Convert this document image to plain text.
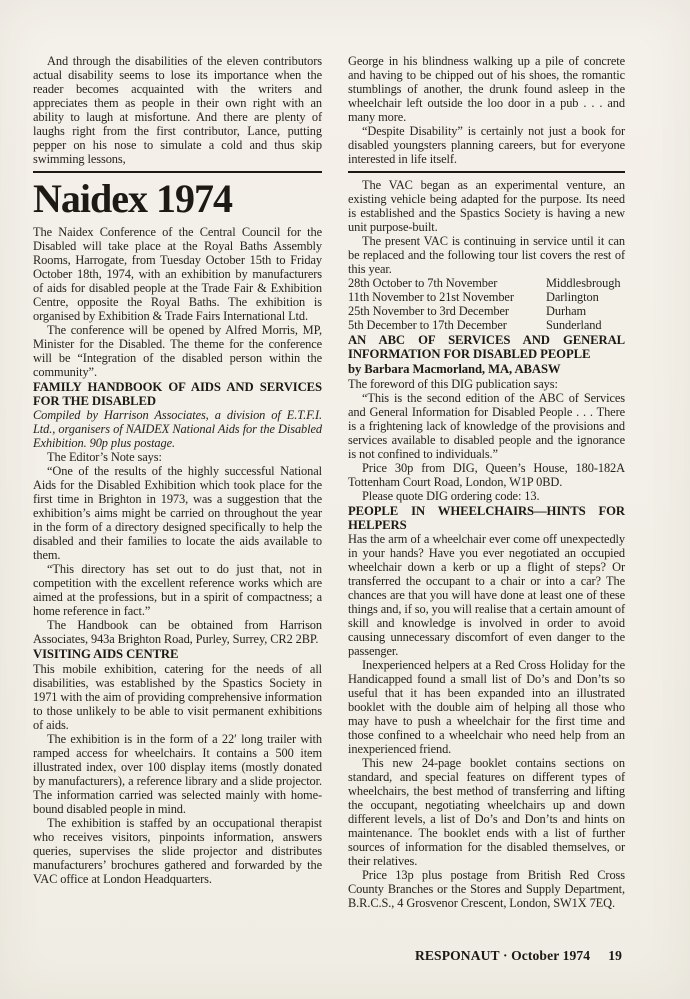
And through the disabilities of the eleven contributors actual disability seems to lose its importance when the reader becomes acquainted with the writers and appreciates them as people in their own right with an ability to laugh at misfortune. And there are plenty of laughs right from the first contributor, Lance, putting pepper on his nose to simulate a cold and thus skip swimming lessons,

Naidex 1974

The Naidex Conference of the Central Council for the Disabled will take place at the Royal Baths Assembly Rooms, Harrogate, from Tuesday October 15th to Friday October 18th, 1974, with an exhibition by manufacturers of aids for disabled people at the Trade Fair & Exhibition Centre, opposite the Royal Baths. The exhibition is organised by Exhibition & Trade Fairs International Ltd.

The conference will be opened by Alfred Morris, MP, Minister for the Disabled. The theme for the conference will be “Integration of the disabled person within the community”.

FAMILY HANDBOOK OF AIDS AND SERVICES FOR THE DISABLED

Compiled by Harrison Associates, a division of E.T.F.I. Ltd., organisers of NAIDEX National Aids for the Disabled Exhibition. 90p plus postage.

The Editor’s Note says:

“One of the results of the highly successful National Aids for the Disabled Exhibition which took place for the first time in Brighton in 1973, was a suggestion that the exhibition’s aims might be carried on throughout the year in the form of a directory designed specifically to help the disabled and their families to locate the aids available to them.

“This directory has set out to do just that, not in competition with the excellent reference works which are aimed at the professions, but in a spirit of compactness; a home reference in fact.”

The Handbook can be obtained from Harrison Associates, 943a Brighton Road, Purley, Surrey, CR2 2BP.

VISITING AIDS CENTRE

This mobile exhibition, catering for the needs of all disabilities, was established by the Spastics Society in 1971 with the aim of providing comprehensive information to those unlikely to be able to visit permanent exhibitions of aids.

The exhibition is in the form of a 22′ long trailer with ramped access for wheelchairs. It contains a 500 item illustrated index, over 100 display items (mostly donated by manufacturers), a reference library and a slide projector. The information carried was selected mainly with home-bound disabled people in mind.

The exhibition is staffed by an occupational therapist who receives visitors, pinpoints information, answers queries, supervises the slide projector and distributes manufacturers’ brochures gathered and forwarded by the VAC office at London Headquarters.

George in his blindness walking up a pile of concrete and having to be chipped out of his shoes, the romantic stumblings of another, the drunk found asleep in the wheelchair left outside the loo door in a pub . . . and many more.

“Despite Disability” is certainly not just a book for disabled youngsters planning careers, but for everyone interested in life itself.

The VAC began as an experimental venture, an existing vehicle being adapted for the purpose. Its need is established and the Spastics Society is having a new unit purpose-built.

The present VAC is continuing in service until it can be replaced and the following tour list covers the rest of this year.

28th October to 7th November	Middlesbrough
11th November to 21st November	Darlington
25th November to 3rd December	Durham
5th December to 17th December	Sunderland
AN ABC OF SERVICES AND GENERAL INFORMATION FOR DISABLED PEOPLE
by Barbara Macmorland, MA, ABASW

The foreword of this DIG publication says:

“This is the second edition of the ABC of Services and General Information for Disabled People . . . There is a frightening lack of knowledge of the provisions and services available to disabled people and the ignorance is not confined to individuals.”

Price 30p from DIG, Queen’s House, 180-182A Tottenham Court Road, London, W1P 0BD.

Please quote DIG ordering code: 13.

PEOPLE IN WHEELCHAIRS—HINTS FOR HELPERS

Has the arm of a wheelchair ever come off unexpectedly in your hands? Have you ever negotiated an occupied wheelchair down a kerb or up a flight of steps? Or transferred the occupant to a chair or into a car? The chances are that you will have done at least one of these things and, if so, you will realise that a certain amount of skill and knowledge is involved in order to avoid causing unnecessary discomfort of even danger to the passenger.

Inexperienced helpers at a Red Cross Holiday for the Handicapped found a small list of Do’s and Don’ts so useful that it has been expanded into an illustrated booklet with the double aim of helping all those who may have to push a wheelchair for the first time and those confined to a wheelchair who need help from an inexperienced friend.

This new 24-page booklet contains sections on standard, and special features on different types of wheelchairs, the best method of transferring and lifting the occupant, negotiating wheelchairs up and down different levels, a list of Do’s and Don’ts and hints on maintenance. The booklet ends with a list of further sources of information for the disabled themselves, or their relatives.

Price 13p plus postage from British Red Cross County Branches or the Stores and Supply Department, B.R.C.S., 4 Grosvenor Crescent, London, SW1X 7EQ.

RESPONAUT · October 1974 19
